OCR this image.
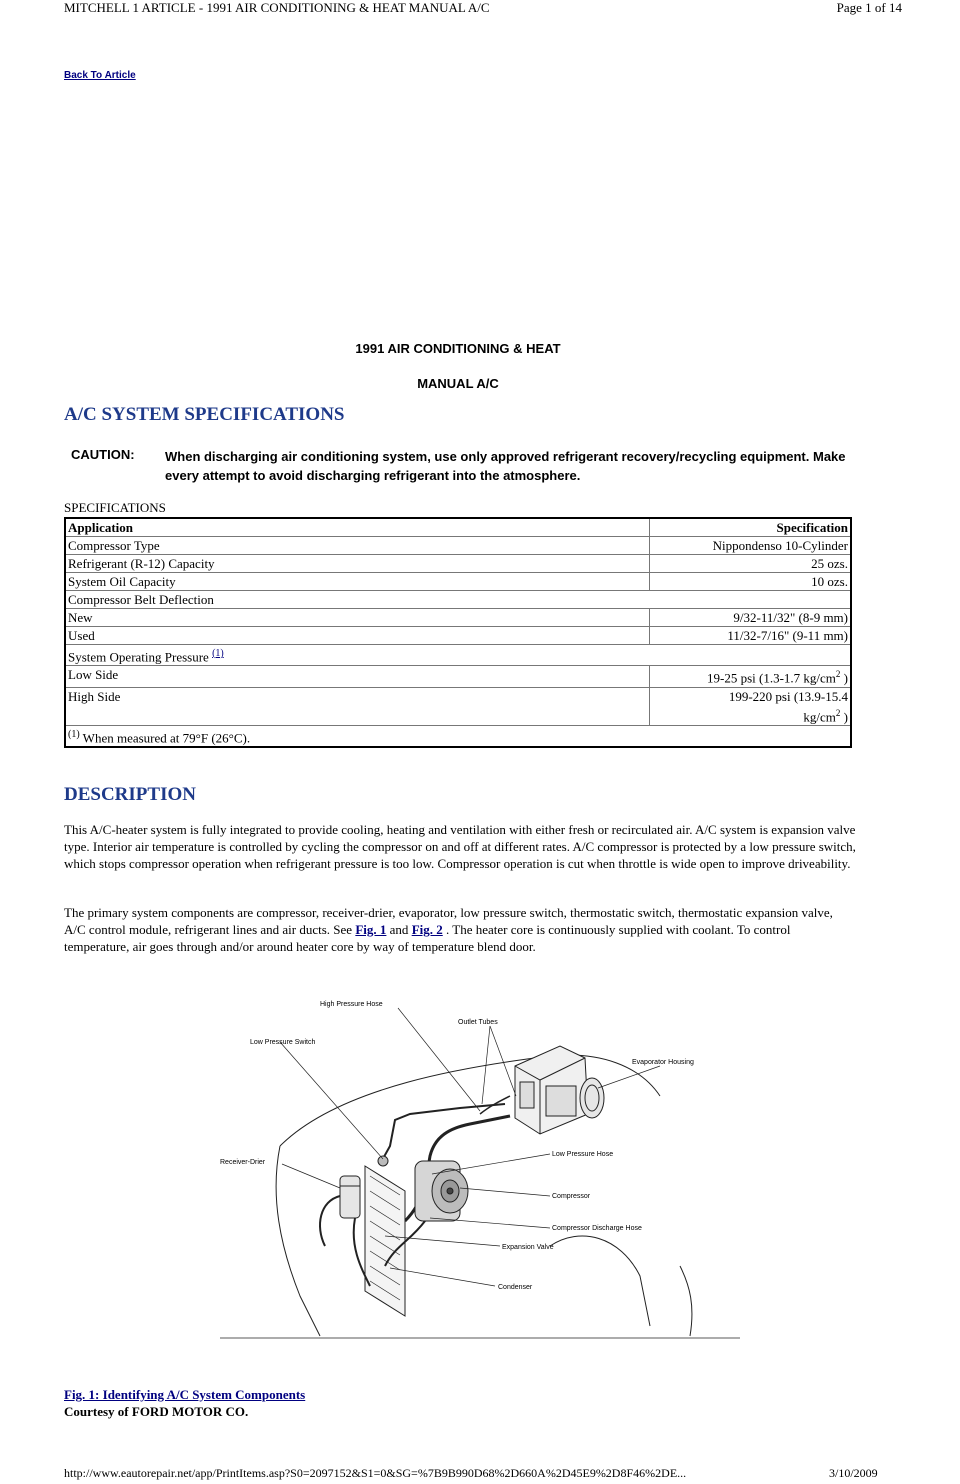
MITCHELL 1 ARTICLE - 1991 AIR CONDITIONING & HEAT MANUAL A/C	Page 1 of 14
Back To Article
1991 AIR CONDITIONING & HEAT
MANUAL A/C
A/C SYSTEM SPECIFICATIONS
CAUTION:	When discharging air conditioning system, use only approved refrigerant recovery/recycling equipment. Make every attempt to avoid discharging refrigerant into the atmosphere.
SPECIFICATIONS
Application	Specification
Compressor Type	Nippondenso 10-Cylinder
Refrigerant (R-12) Capacity	25 ozs.
System Oil Capacity	10 ozs.
Compressor Belt Deflection	
New	9/32-11/32" (8-9 mm)
Used	11/32-7/16" (9-11 mm)
System Operating Pressure $^{(1)}$
Low Side	19-25 psi (1.3-1.7 $kg/cm^2$ )
High Side	199-220 psi (13.9-15.4
$kg/cm^2$ )
$^{(1)}$ When measured at 79°F (26°C).	
DESCRIPTION
This A/C-heater system is fully integrated to provide cooling, heating and ventilation with either fresh or recirculated air. A/C system is expansion valve type. Interior air temperature is controlled by cycling the compressor on and off at different rates. A/C compressor is protected by a low pressure switch, which stops compressor operation when refrigerant pressure is too low. Compressor operation is cut when throttle is wide open to improve driveability.
The primary system components are compressor, receiver-drier, evaporator, low pressure switch, thermostatic switch, thermostatic expansion valve, A/C control module, refrigerant lines and air ducts. See Fig. 1 and Fig. 2 . The heater core is continuously supplied with coolant. To control temperature, air goes through and/or around heater core by way of temperature blend door.
High Pressure Hose
Outlet Tubes
Low Pressure Switch
Evaporator Housing
Receiver-Drier
Low Pressure Hose
Compressor
Compressor Discharge Hose
Expansion Valve
Condenser
Fig. 1: Identifying A/C System Components
Courtesy of FORD MOTOR CO.
http://www.eautorepair.net/app/PrintItems.asp?S0=2097152&S1=0&SG=%7B9B990D68%2D660A%2D45E9%2D8F46%2DE...	3/10/2009
